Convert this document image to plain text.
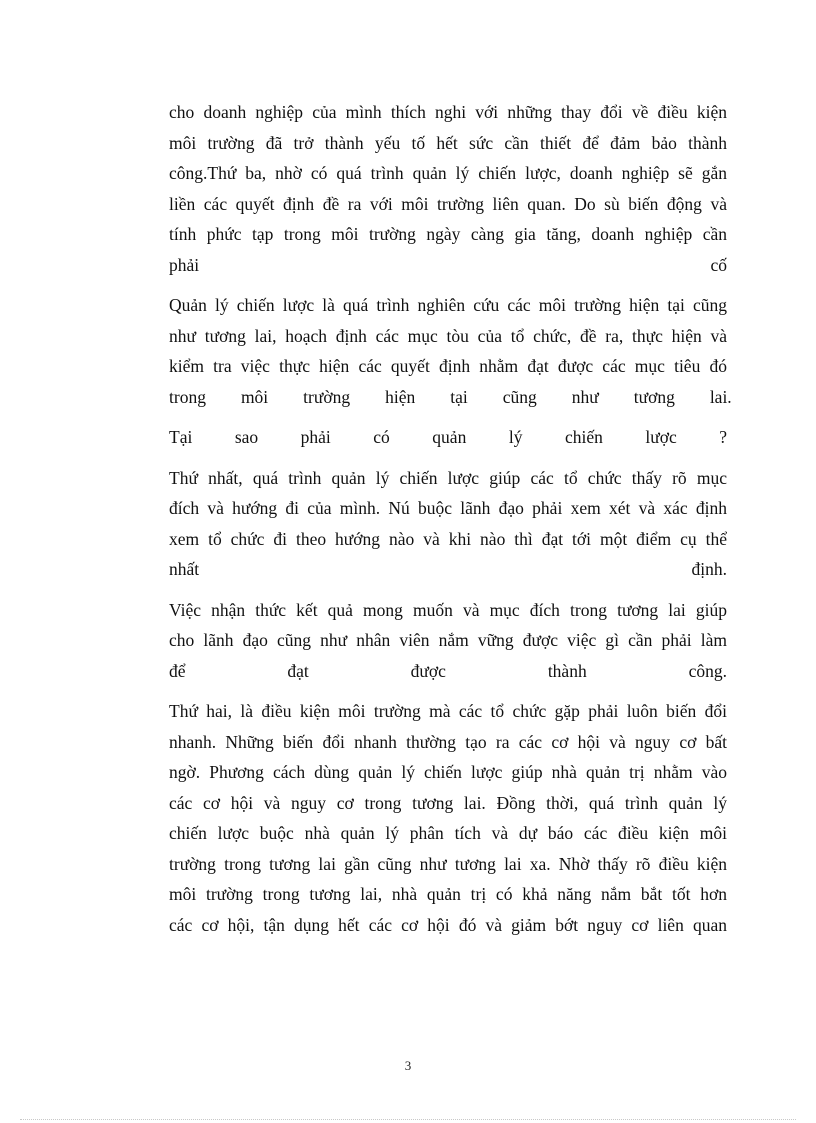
cho doanh nghiệp của mình thích nghi với những thay đổi về điều kiện
môi trường đã trở thành yếu tố hết sức cần thiết để đảm bảo thành
công.Thứ ba, nhờ có quá trình quản lý chiến lược, doanh nghiệp sẽ gắn
liền các quyết định đề ra với môi trường liên quan. Do sù biến động và
tính phức tạp trong môi trường ngày càng gia tăng, doanh nghiệp cần
phải                                                                                        cố

Quản lý chiến lược là quá trình nghiên cứu các môi trường hiện tại cũng
như tương lai, hoạch định các mục tòu của tổ chức, đề ra, thực hiện và
kiểm tra việc thực hiện các quyết định nhằm đạt được các mục tiêu đó
trong        môi        trường        hiện        tại        cũng        như        tương        lai.

Tại        sao        phải        có        quản        lý        chiến        lược        ?

Thứ nhất, quá trình quản lý chiến lược giúp các tổ chức thấy rõ mục
đích và hướng đi của mình. Nú buộc lãnh đạo phải xem xét và xác định
xem tổ chức đi theo hướng nào và khi nào thì đạt tới một điểm cụ thể
nhất                                                                                    định.

Việc nhận thức kết quả mong muốn và mục đích trong tương lai giúp
cho lãnh đạo cũng như nhân viên nắm vững được việc gì cần phải làm
để        đạt        được        thành        công.

Thứ hai, là điều kiện môi trường mà các tổ chức gặp phải luôn biến đổi
nhanh. Những biến đổi nhanh thường tạo ra các cơ hội và nguy cơ bất
ngờ. Phương cách dùng quản lý chiến lược giúp nhà quản trị nhằm vào
các cơ hội và nguy cơ trong tương lai. Đồng thời, quá trình quản lý
chiến lược buộc nhà quản lý phân tích và dự báo các điều kiện môi
trường trong tương lai gần cũng như tương lai xa. Nhờ thấy rõ điều kiện
môi trường trong tương lai, nhà quản trị có khả năng nắm bắt tốt hơn
các cơ hội, tận dụng hết các cơ hội đó và giảm bớt nguy cơ liên quan

3
